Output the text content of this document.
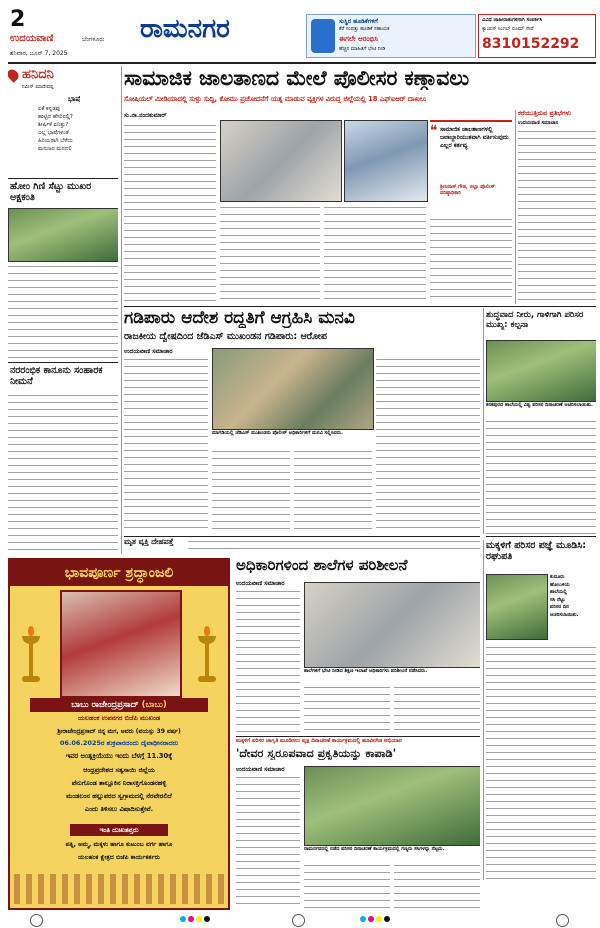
2
ಉದಯವಾಣಿ	ಬೆಂಗಳೂರು
ಶನಿವಾರ, ಜೂನ್ 7, 2025
ರಾಮನಗರ	ಸುಸ್ಥಿರ ಹೂಡಿಕೆಗಳಿಗೆ
ಕೆರೆ ಸಂಪತ್ತು ಹೂಡಿಕೆ ಸಹಾಯಕ
ಈಗಲೇ ಆರಂಭಿಸಿ
ಹೆಚ್ಚಿನ ಮಾಹಿತಿಗೆ ಭೇಟಿ ನೀಡಿ
ವಿವಿಧ ಜಾಹೀರಾತುಗಳಿಗಾಗಿ ಸಂಪರ್ಕಿಸಿ
ಕ್ಯಾಂಪಸ್ ಸಿಂಗಲ್ ರೂಮ್ ಸೇವೆ
8310152292
ಹನಿದನಿ
ನವೀನ್ ಮಾದೇವಪ್ಪ
ಭಾಷೆ
ಏಕೆ ಕನ್ನಡವು
ಹುಟ್ಟಿದ ಹೆಸರಿನಲ್ಲಿ?
ಶೀರ್ಷಿಕೆ ಏನಿತ್ತು?
ಎಲ್ಲ ಭಾಷೆಗಳಂತೆ
ಹಿರಿಯರಾಗಿ ಬೆಳೆದು
ಮನುಜರ ಮನದಲಿ
ಹೋಂ ಗಿಣಿ ಸೆಟ್ಟು ಮುಖರ ಅಕ್ಷಕಂತಿ
ನರರಂಭಿಕ ಕಾನೂನು ಸಂಹಾರಕ ನೀಮನೆ
ಸಾಮಾಜಿಕ ಜಾಲತಾಣದ ಮೇಲೆ ಪೊಲೀಸರ ಕಣ್ಗಾವಲು
ಸೋಷಿಯಲ್ ಮೀಡಿಯಾದಲ್ಲಿ ಸುಳ್ಳು ಸುದ್ದಿ, ಕೋಮು ಪ್ರಚೋದನೆಗೆ ಯತ್ನ ಮಾಡುವ ವ್ಯಕ್ತಿಗಳ ವಿರುದ್ಧ ಜಿಲ್ಲೆಯಲ್ಲಿ 18 ಎಫ್‌ಐಆರ್ ದಾಖಲು
ಸು.ನಾ.ನಂದಕುಮಾರ್
❝ ಸಾಮಾಜಿಕ ಜಾಲತಾಣಗಳಲ್ಲಿ ಜವಾಬ್ದಾರಿಯುತವಾಗಿ ವರ್ತಿಸುವುದು ಎಲ್ಲರ ಕರ್ತವ್ಯ
ಶ್ರೀನಿವಾಸ್ ಗೌಡ, ಜಿಲ್ಲಾ ಪೊಲೀಸ್ ವರಿಷ್ಠಾಧಿಕಾರಿ
ಕರೆಯುತ್ತಿರುವ ಪ್ರತಿಭೆಗಳು
ಉದಯವಾಣಿ ಸಮಾಚಾರ
ಗಡಿಪಾರು ಆದೇಶ ರದ್ದತಿಗೆ ಆಗ್ರಹಿಸಿ ಮನವಿ
ರಾಜಕೀಯ ದ್ವೇಷದಿಂದ ಜೆಡಿಎಸ್ ಮುಖಂಡನ ಗಡಿಪಾರು: ಆರೋಪ
ಉದಯವಾಣಿ ಸಮಾಚಾರ
ಮಾಗಡಿಯಲ್ಲಿ ಜೆಡಿಎಸ್ ಮುಖಂಡರು ಪೊಲೀಸ್ ಅಧಿಕಾರಿಗಳಿಗೆ ಮನವಿ ಸಲ್ಲಿಸಿದರು.
ಶುದ್ಧವಾದ ನೀರು, ಗಾಳಿಗಾಗಿ ಪರಿಸರ ಮುಖ್ಯ: ಕಲ್ಪನಾ
ಕನಕಪುರದ ಶಾಲೆಯಲ್ಲಿ ವಿಶ್ವ ಪರಿಸರ ದಿನಾಚರಣೆ ಆಚರಿಸಲಾಯಿತು.
ಮೃತ ವ್ಯಕ್ತಿ ದೇಹಪತ್ತೆ	ಮಕ್ಕಳಿಗೆ ಪರಿಸರ ಪಜ್ಞೆ ಮೂಡಿಸಿ: ರಘುಪತಿ
ಕುದೂರು
ಹೋಬಳಿಯ
ಶಾಲೆಯಲ್ಲಿ
ಸಸಿ ನೆಟ್ಟು
ಪರಿಸರ ದಿನ
ಆಚರಿಸಲಾಯಿತು.
ಭಾವಪೂರ್ಣ ಶ್ರದ್ಧಾಂಜಲಿ
ಬಾಬು ರಾಜೇಂದ್ರಪ್ರಸಾದ್ (ಬಾಬು)
ಯಲಹಂಕ ಉಪನಗರ ಬಿಜೆಪಿ ಮುಖಂಡ
ಶ್ರೀರಾಜೇಂದ್ರಪ್ರಸಾದ್ ನನ್ನ ಮಗ, ಅವರು (ವಯಸ್ಸು 39 ವರ್ಷ)
06.06.2025ರ ಶುಕ್ರವಾರದಂದು ದೈವಾಧೀನರಾದರು
ಇವರ ಅಂತ್ಯಕ್ರಿಯೆಯು ಇಂದು ಬೆಳಗ್ಗೆ 11.30ಕ್ಕೆ
ಆಂಧ್ರಪ್ರದೇಶದ ಸತ್ಯಸಾಯಿ ಜಿಲ್ಲೆಯ
ಪೆನುಗೊಂಡ ತಾಲ್ಲೂಕಿನ ನಿರಾಸಕ್ತಿಗೊಂಡನಹಳ್ಳಿ
ಮಂಡಲಂನ ಹಲ್ಲುಪರದ ಸ್ವಗ್ರಾಮದಲ್ಲಿ ನೆರವೇರಲಿದೆ
ಎಂದು ತಿಳಿಸಲು ವಿಷಾದಿಸುತ್ತೇವೆ.
ಇಂತಿ ದುಃಖತಪ್ತರು
ಪತ್ನಿ, ಅಮ್ಮ, ಮಕ್ಕಳು ಹಾಗೂ ಕುಟುಂಬ ವರ್ಗ ಹಾಗೂ
ಯಲಹಂಕ ಕ್ಷೇತ್ರದ ಬಿಜೆಪಿ ಕಾರ್ಯಕರ್ತರು
ಅಧಿಕಾರಿಗಳಿಂದ ಶಾಲೆಗಳ ಪರಿಶೀಲನೆ
ಉದಯವಾಣಿ ಸಮಾಚಾರ
ಶಾಲೆಗಳಿಗೆ ಭೇಟಿ ನೀಡಿದ ಶಿಕ್ಷಣ ಇಲಾಖೆ ಅಧಿಕಾರಿಗಳು ಪರಿಶೀಲನೆ ನಡೆಸಿದರು.
ಮಕ್ಕಳಿಗೆ ಪರಿಸರ ಜಾಗೃತಿ ಮೂಡಿಸಲು ವೃಕ್ಷ ದಿನಾಚರಣೆ ಕಾರ್ಯಕ್ರಮದಲ್ಲಿ ಹೂವಿನಗಿಡ ಅಭಿಯಾನ
'ದೇವರ ಸ್ವರೂಪವಾದ ಪ್ರಕೃತಿಯನ್ನು ಕಾಪಾಡಿ'
ಉದಯವಾಣಿ ಸಮಾಚಾರ
ರಾಮನಗರದಲ್ಲಿ ನಡೆದ ಪರಿಸರ ದಿನಾಚರಣೆ ಕಾರ್ಯಕ್ರಮದಲ್ಲಿ ಗಣ್ಯರು ಸಸಿಗಳನ್ನು ನೆಟ್ಟರು.
